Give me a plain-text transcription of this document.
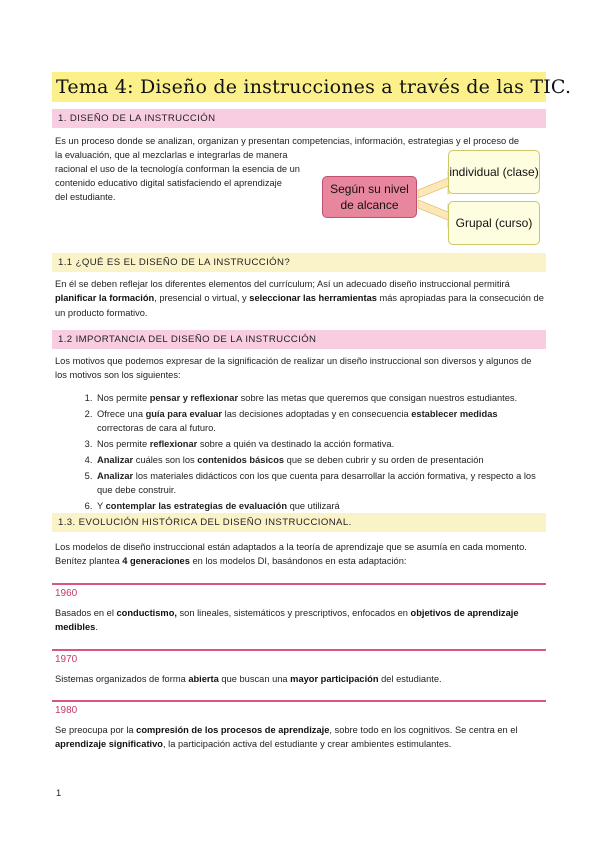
Tema 4: Diseño de instrucciones a través de las TIC.
1. DISEÑO DE LA INSTRUCCIÓN
Es un proceso donde se analizan, organizan y presentan competencias, información, estrategias y el proceso de
la evaluación, que al mezclarlas e integrarlas de manera racional el uso de la tecnología conforman la esencia de un contenido educativo digital satisfaciendo el aprendizaje
del estudiante.
Según su nivel de alcance
individual (clase)
Grupal (curso)
1.1 ¿QUÉ ES EL DISEÑO DE LA INSTRUCCIÓN?
En él se deben reflejar los diferentes elementos del currículum; Así un adecuado diseño instruccional permitirá planificar la formación, presencial o virtual, y seleccionar las herramientas más apropiadas para la consecución de un producto formativo.
1.2 IMPORTANCIA DEL DISEÑO DE LA INSTRUCCIÓN
Los motivos que podemos expresar de la significación de realizar un diseño instruccional son diversos y algunos de los motivos son los siguientes:
1. Nos permite pensar y reflexionar sobre las metas que queremos que consigan nuestros estudiantes.
2. Ofrece una guía para evaluar las decisiones adoptadas y en consecuencia establecer medidas correctoras de cara al futuro.
3. Nos permite reflexionar sobre a quién va destinado la acción formativa.
4. Analizar cuáles son los contenidos básicos que se deben cubrir y su orden de presentación
5. Analizar los materiales didácticos con los que cuenta para desarrollar la acción formativa, y respecto a los que debe construir.
6. Y contemplar las estrategias de evaluación que utilizará
1.3. EVOLUCIÓN HISTÓRICA DEL DISEÑO INSTRUCCIONAL.
Los modelos de diseño instruccional están adaptados a la teoría de aprendizaje que se asumía en cada momento. Benítez plantea 4 generaciones en los modelos DI, basándonos en esta adaptación:
1960
Basados en el conductismo, son lineales, sistemáticos y prescriptivos, enfocados en objetivos de aprendizaje medibles.
1970
Sistemas organizados de forma abierta que buscan una mayor participación del estudiante.
1980
Se preocupa por la compresión de los procesos de aprendizaje, sobre todo en los cognitivos. Se centra en el aprendizaje significativo, la participación activa del estudiante y crear ambientes estimulantes.
1
